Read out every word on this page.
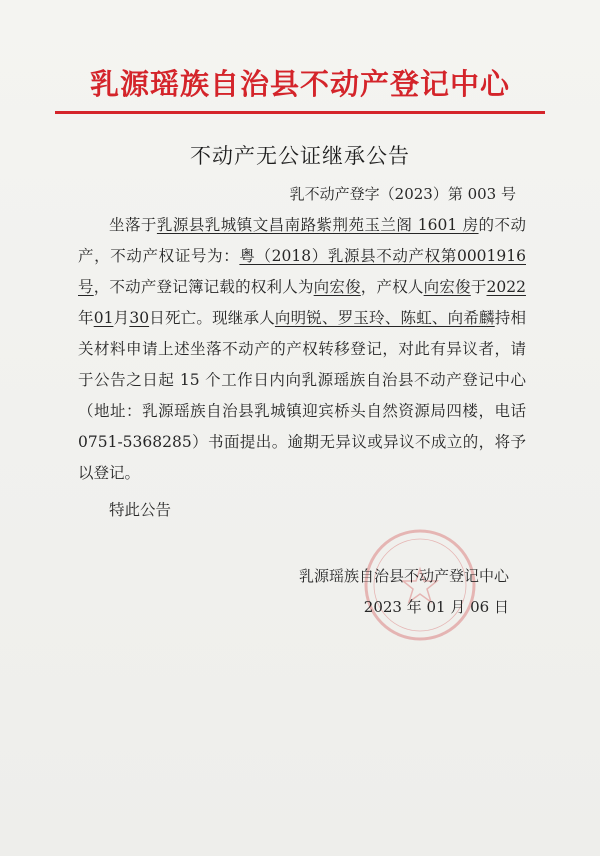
乳源瑶族自治县不动产登记中心
不动产无公证继承公告
乳不动产登字（2023）第 003 号

坐落于乳源县乳城镇文昌南路紫荆苑玉兰阁 1601 房的不动产，不动产权证号为：粤（2018）乳源县不动产权第0001916号，不动产登记簿记载的权利人为向宏俊，产权人向宏俊于2022年01月30日死亡。现继承人向明锐、罗玉玲、陈虹、向希麟持相关材料申请上述坐落不动产的产权转移登记，对此有异议者，请于公告之日起 15 个工作日内向乳源瑶族自治县不动产登记中心（地址：乳源瑶族自治县乳城镇迎宾桥头自然资源局四楼，电话 0751-5368285）书面提出。逾期无异议或异议不成立的，将予以登记。

特此公告
乳源瑶族自治县不动产登记中心
2023 年 01 月 06 日
